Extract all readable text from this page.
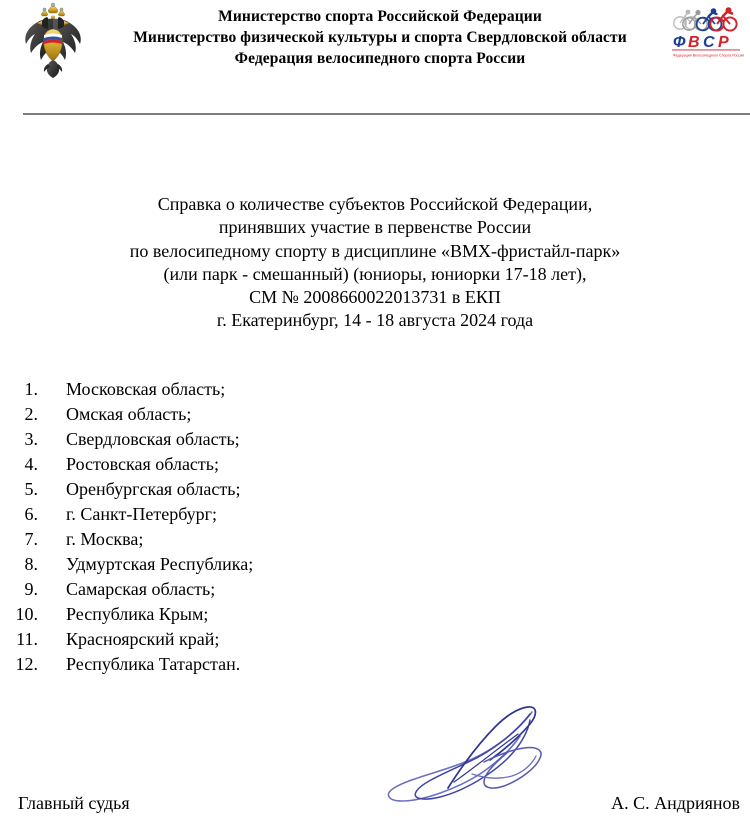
Министерство спорта Российской Федерации
Министерство физической культуры и спорта Свердловской области
Федерация велосипедного спорта России
Ф В С Р
Федерация Велосипедного Спорта России
Справка о количестве субъектов Российской Федерации,
принявших участие в первенстве России
по велосипедному спорту в дисциплине «BMX-фристайл-парк»
(или парк - смешанный) (юниоры, юниорки 17-18 лет),
СМ № 2008660022013731 в ЕКП
г. Екатеринбург, 14 - 18 августа 2024 года
1. Московская область;
2. Омская область;
3. Свердловская область;
4. Ростовская область;
5. Оренбургская область;
6. г. Санкт-Петербург;
7. г. Москва;
8. Удмуртская Республика;
9. Самарская область;
10. Республика Крым;
11. Красноярский край;
12. Республика Татарстан.
Главный судья	А. С. Андриянов
